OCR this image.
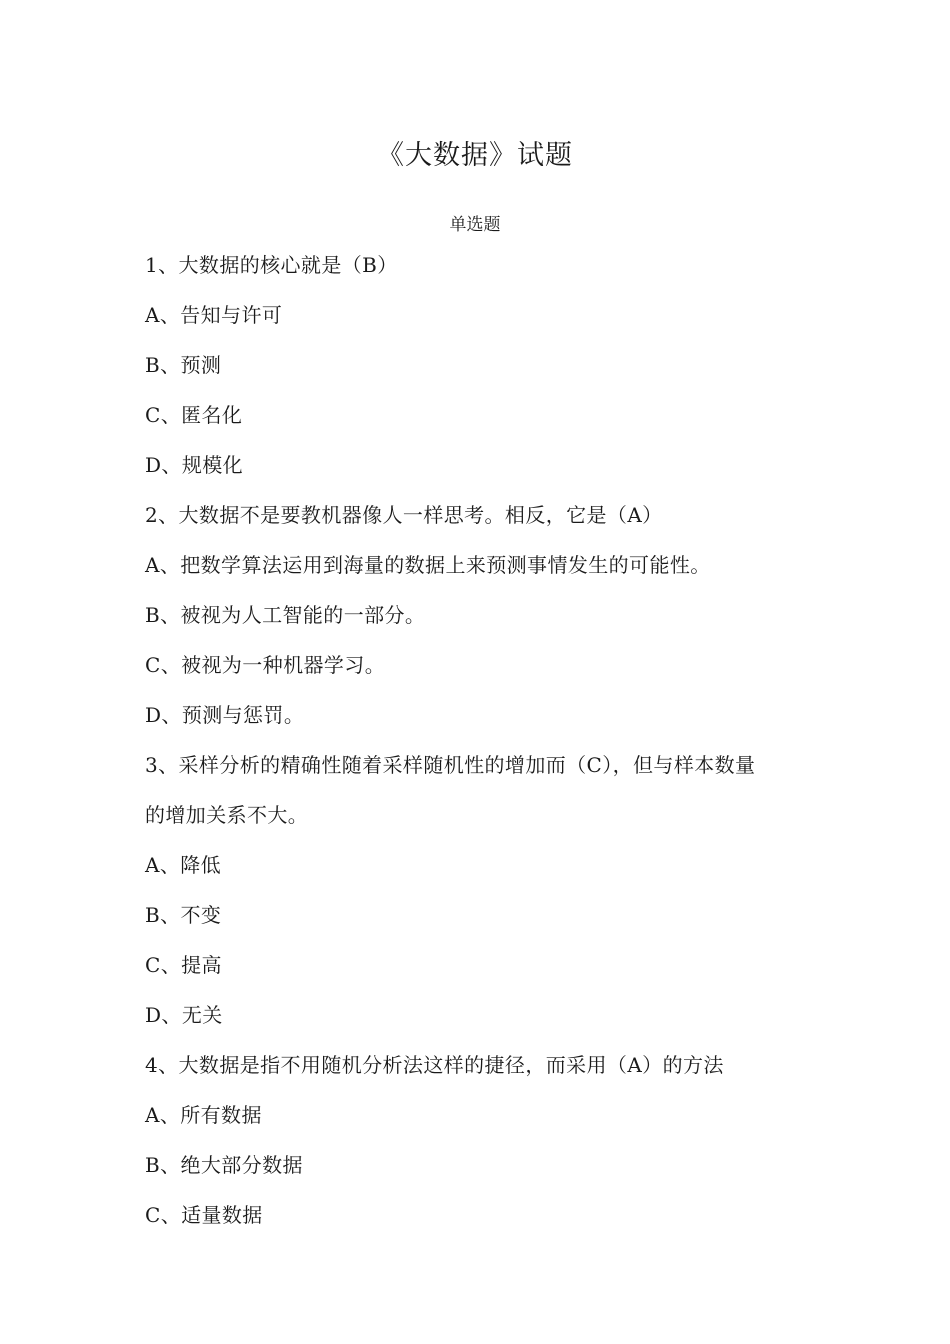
《大数据》试题
单选题
1、大数据的核心就是（B）
A、告知与许可
B、预测
C、匿名化
D、规模化
2、大数据不是要教机器像人一样思考。相反，它是（A）
A、把数学算法运用到海量的数据上来预测事情发生的可能性。
B、被视为人工智能的一部分。
C、被视为一种机器学习。
D、预测与惩罚。
3、采样分析的精确性随着采样随机性的增加而（C），但与样本数量
的增加关系不大。
A、降低
B、不变
C、提高
D、无关
4、大数据是指不用随机分析法这样的捷径，而采用（A）的方法
A、所有数据
B、绝大部分数据
C、适量数据
